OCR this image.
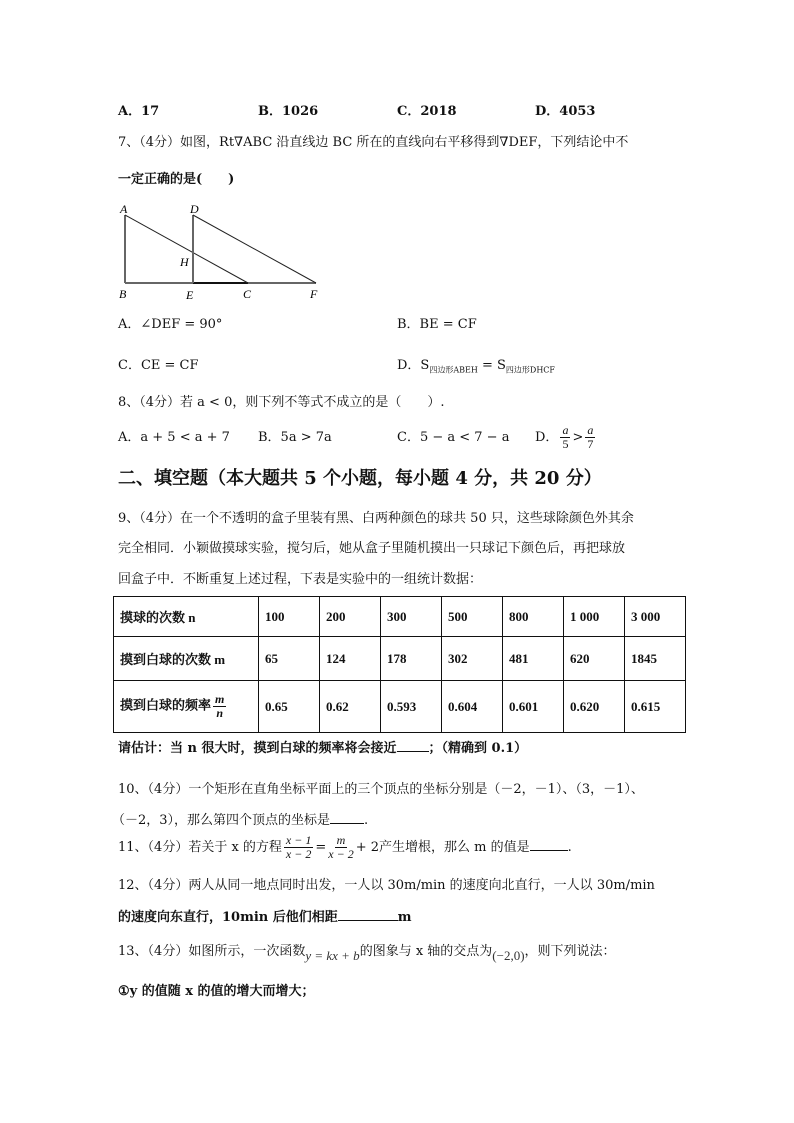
A．17	B．1026	C．2018	D．4053
7、（4分）如图，Rt∇ABC 沿直线边 BC 所在的直线向右平移得到∇DEF，下列结论中不
一定正确的是(　　)
A	D
H
B	E	C	F
A．∠DEF = 90°	B．BE = CF
C．CE = CF	D．$S_{四边形ABEH} = S_{四边形DHCF}$
8、（4分）若 a < 0，则下列不等式不成立的是（　　）.
A．a + 5 < a + 7 B．5a > 7a	C．5 − a < 7 − a D． $\frac{a}{5} > \frac{a}{7}$
二、填空题（本大题共 5 个小题，每小题 4 分，共 20 分）
9、（4分）在一个不透明的盒子里装有黑、白两种颜色的球共 50 只，这些球除颜色外其余
完全相同．小颖做摸球实验，搅匀后，她从盒子里随机摸出一只球记下颜色后，再把球放
回盒子中．不断重复上述过程，下表是实验中的一组统计数据：
摸球的次数 n	100	200	300	500	800	1 000	3 000
摸到白球的次数 m	65	124	178	302	481	620	1845
摸到白球的频率 $\frac{m}{n}$	0.65	0.62	0.593	0.604	0.601	0.620	0.615
请估计：当 n 很大时，摸到白球的频率将会接近 ；（精确到 0.1）
10、（4分）一个矩形在直角坐标平面上的三个顶点的坐标分别是（－2，－1）、（3，－1）、
（－2，3），那么第四个顶点的坐标是	.
11、（4分）若关于 x 的方程 $\frac{x - 1}{x - 2} = \frac{m}{x - 2} + 2$产生增根，那么 m 的值是	.
12、（4分）两人从同一地点同时出发，一人以 30m/min 的速度向北直行，一人以 30m/min
的速度向东直行，10min 后他们相距	m
13、（4分）如图所示，一次函数y = kx + b的图象与 x 轴的交点为(−2,0)，则下列说法：
①y 的值随 x 的值的增大而增大；
